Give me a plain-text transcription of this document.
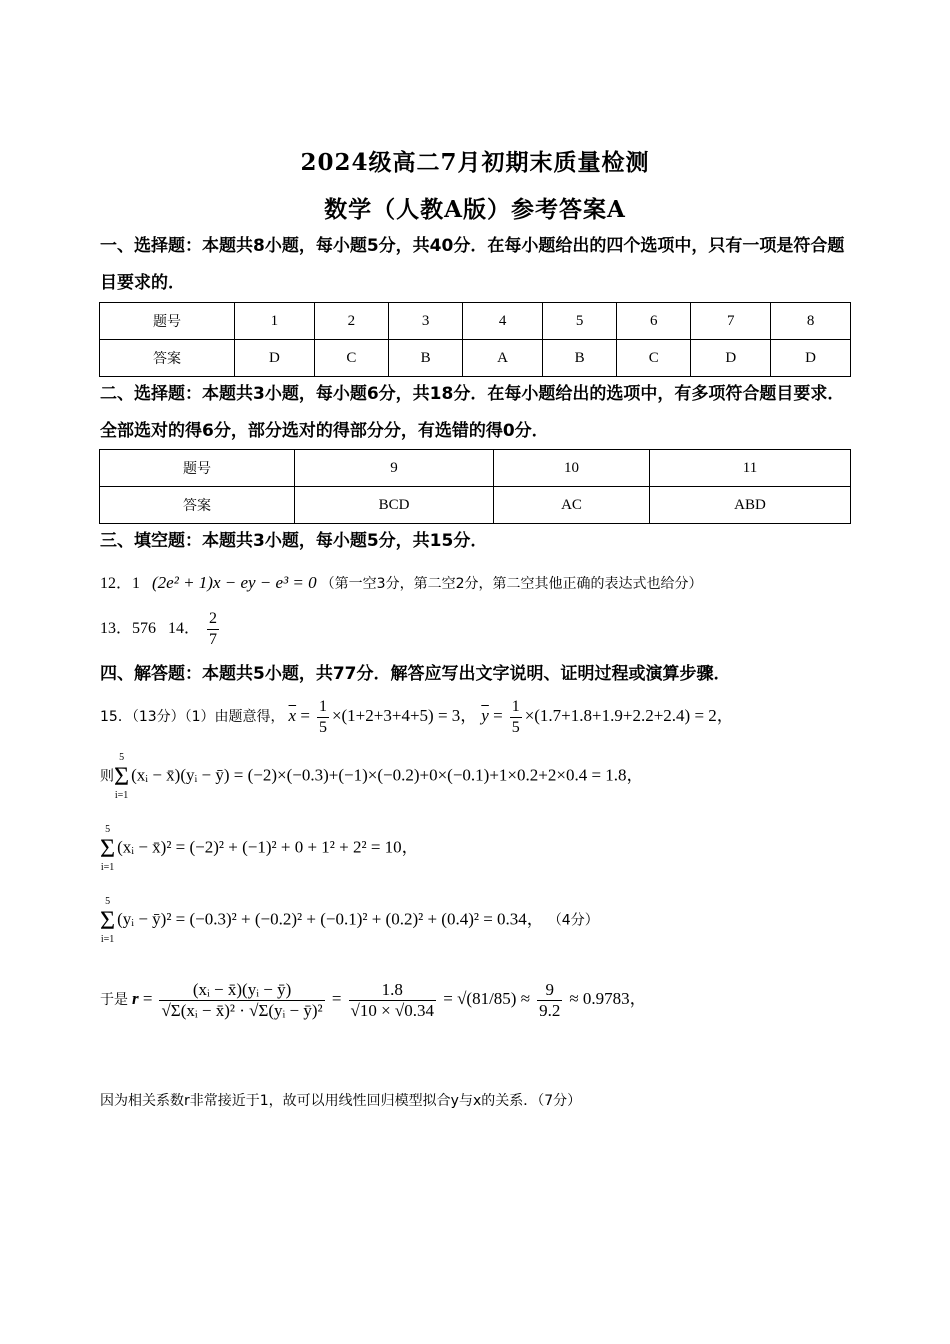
2024级高二7月初期末质量检测
数学（人教A版）参考答案A
一、选择题：本题共8小题，每小题5分，共40分．在每小题给出的四个选项中，只有一项是符合题目要求的．
题号	1	2	3	4	5	6	7	8
答案	D	C	B	A	B	C	D	D
二、选择题：本题共3小题，每小题6分，共18分．在每小题给出的选项中，有多项符合题目要求．全部选对的得6分，部分选对的得部分分，有选错的得0分．
题号	9	10	11
答案	BCD	AC	ABD
三、填空题：本题共3小题，每小题5分，共15分．
12．1 (2e² + 1)x − ey − e³ = 0 （第一空3分，第二空2分，第二空其他正确的表达式也给分）
13．576 14． $\frac{2}{7}$
四、解答题：本题共5小题，共77分．解答应写出文字说明、证明过程或演算步骤．
15．（13分）（1）由题意得， $\overline{x} = \frac{1}{5} \times(1+2+3+4+5) = 3$， $\overline{y} = \frac{1}{5} \times(1.7+1.8+1.9+2.2+2.4) = 2$，
则
5
Σ
i=1
(xᵢ − x̄)(yᵢ − ȳ) = (−2)×(−0.3)+(−1)×(−0.2)+0×(−0.1)+1×0.2+2×0.4 = 1.8，
5
Σ
i=1
(xᵢ − x̄)² = (−2)² + (−1)² + 0 + 1² + 2² = 10，
5
Σ
i=1
(yᵢ − ȳ)² = (−0.3)² + (−0.2)² + (−0.1)² + (0.2)² + (0.4)² = 0.34， （4分）
于是 $r = \frac{\text{(xᵢ − x̄)(yᵢ − ȳ)}}{\text{√Σ(xᵢ − x̄)² · √Σ(yᵢ − ȳ)²}} = \frac{1.8}{√10 \times √0.34} = √(81/85) \approx \frac{9}{9.2} \approx 0.9783$，
因为相关系数r非常接近于1，故可以用线性回归模型拟合y与x的关系．（7分）
